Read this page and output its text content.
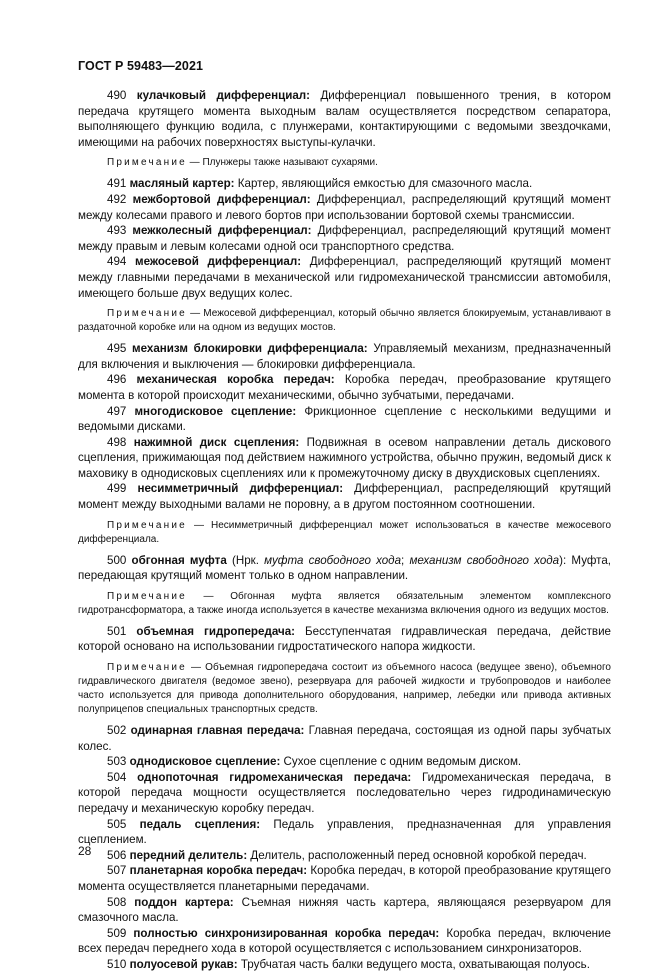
ГОСТ Р 59483—2021

490 кулачковый дифференциал: Дифференциал повышенного трения, в котором передача крутящего момента выходным валам осуществляется посредством сепаратора, выполняющего функцию водила, с плунжерами, контактирующими с ведомыми звездочками, имеющими на рабочих поверхностях выступы-кулачки.

Примечание — Плунжеры также называют сухарями.

491 масляный картер: Картер, являющийся емкостью для смазочного масла.

492 межбортовой дифференциал: Дифференциал, распределяющий крутящий момент между колесами правого и левого бортов при использовании бортовой схемы трансмиссии.

493 межколесный дифференциал: Дифференциал, распределяющий крутящий момент между правым и левым колесами одной оси транспортного средства.

494 межосевой дифференциал: Дифференциал, распределяющий крутящий момент между главными передачами в механической или гидромеханической трансмиссии автомобиля, имеющего больше двух ведущих колес.

Примечание — Межосевой дифференциал, который обычно является блокируемым, устанавливают в раздаточной коробке или на одном из ведущих мостов.

495 механизм блокировки дифференциала: Управляемый механизм, предназначенный для включения и выключения — блокировки дифференциала.

496 механическая коробка передач: Коробка передач, преобразование крутящего момента в которой происходит механическими, обычно зубчатыми, передачами.

497 многодисковое сцепление: Фрикционное сцепление с несколькими ведущими и ведомыми дисками.

498 нажимной диск сцепления: Подвижная в осевом направлении деталь дискового сцепления, прижимающая под действием нажимного устройства, обычно пружин, ведомый диск к маховику в однодисковых сцеплениях или к промежуточному диску в двухдисковых сцеплениях.

499 несимметричный дифференциал: Дифференциал, распределяющий крутящий момент между выходными валами не поровну, а в другом постоянном соотношении.

Примечание — Несимметричный дифференциал может использоваться в качестве межосевого дифференциала.

500 обгонная муфта (Нрк. муфта свободного хода; механизм свободного хода): Муфта, передающая крутящий момент только в одном направлении.

Примечание — Обгонная муфта является обязательным элементом комплексного гидротрансформатора, а также иногда используется в качестве механизма включения одного из ведущих мостов.

501 объемная гидропередача: Бесступенчатая гидравлическая передача, действие которой основано на использовании гидростатического напора жидкости.

Примечание — Объемная гидропередача состоит из объемного насоса (ведущее звено), объемного гидравлического двигателя (ведомое звено), резервуара для рабочей жидкости и трубопроводов и наиболее часто используется для привода дополнительного оборудования, например, лебедки или привода активных полуприцепов специальных транспортных средств.

502 одинарная главная передача: Главная передача, состоящая из одной пары зубчатых колес.

503 однодисковое сцепление: Сухое сцепление с одним ведомым диском.

504 однопоточная гидромеханическая передача: Гидромеханическая передача, в которой передача мощности осуществляется последовательно через гидродинамическую передачу и механическую коробку передач.

505 педаль сцепления: Педаль управления, предназначенная для управления сцеплением.

506 передний делитель: Делитель, расположенный перед основной коробкой передач.

507 планетарная коробка передач: Коробка передач, в которой преобразование крутящего момента осуществляется планетарными передачами.

508 поддон картера: Съемная нижняя часть картера, являющаяся резервуаром для смазочного масла.

509 полностью синхронизированная коробка передач: Коробка передач, включение всех передач переднего хода в которой осуществляется с использованием синхронизаторов.

510 полуосевой рукав: Трубчатая часть балки ведущего моста, охватывающая полуось.

28
